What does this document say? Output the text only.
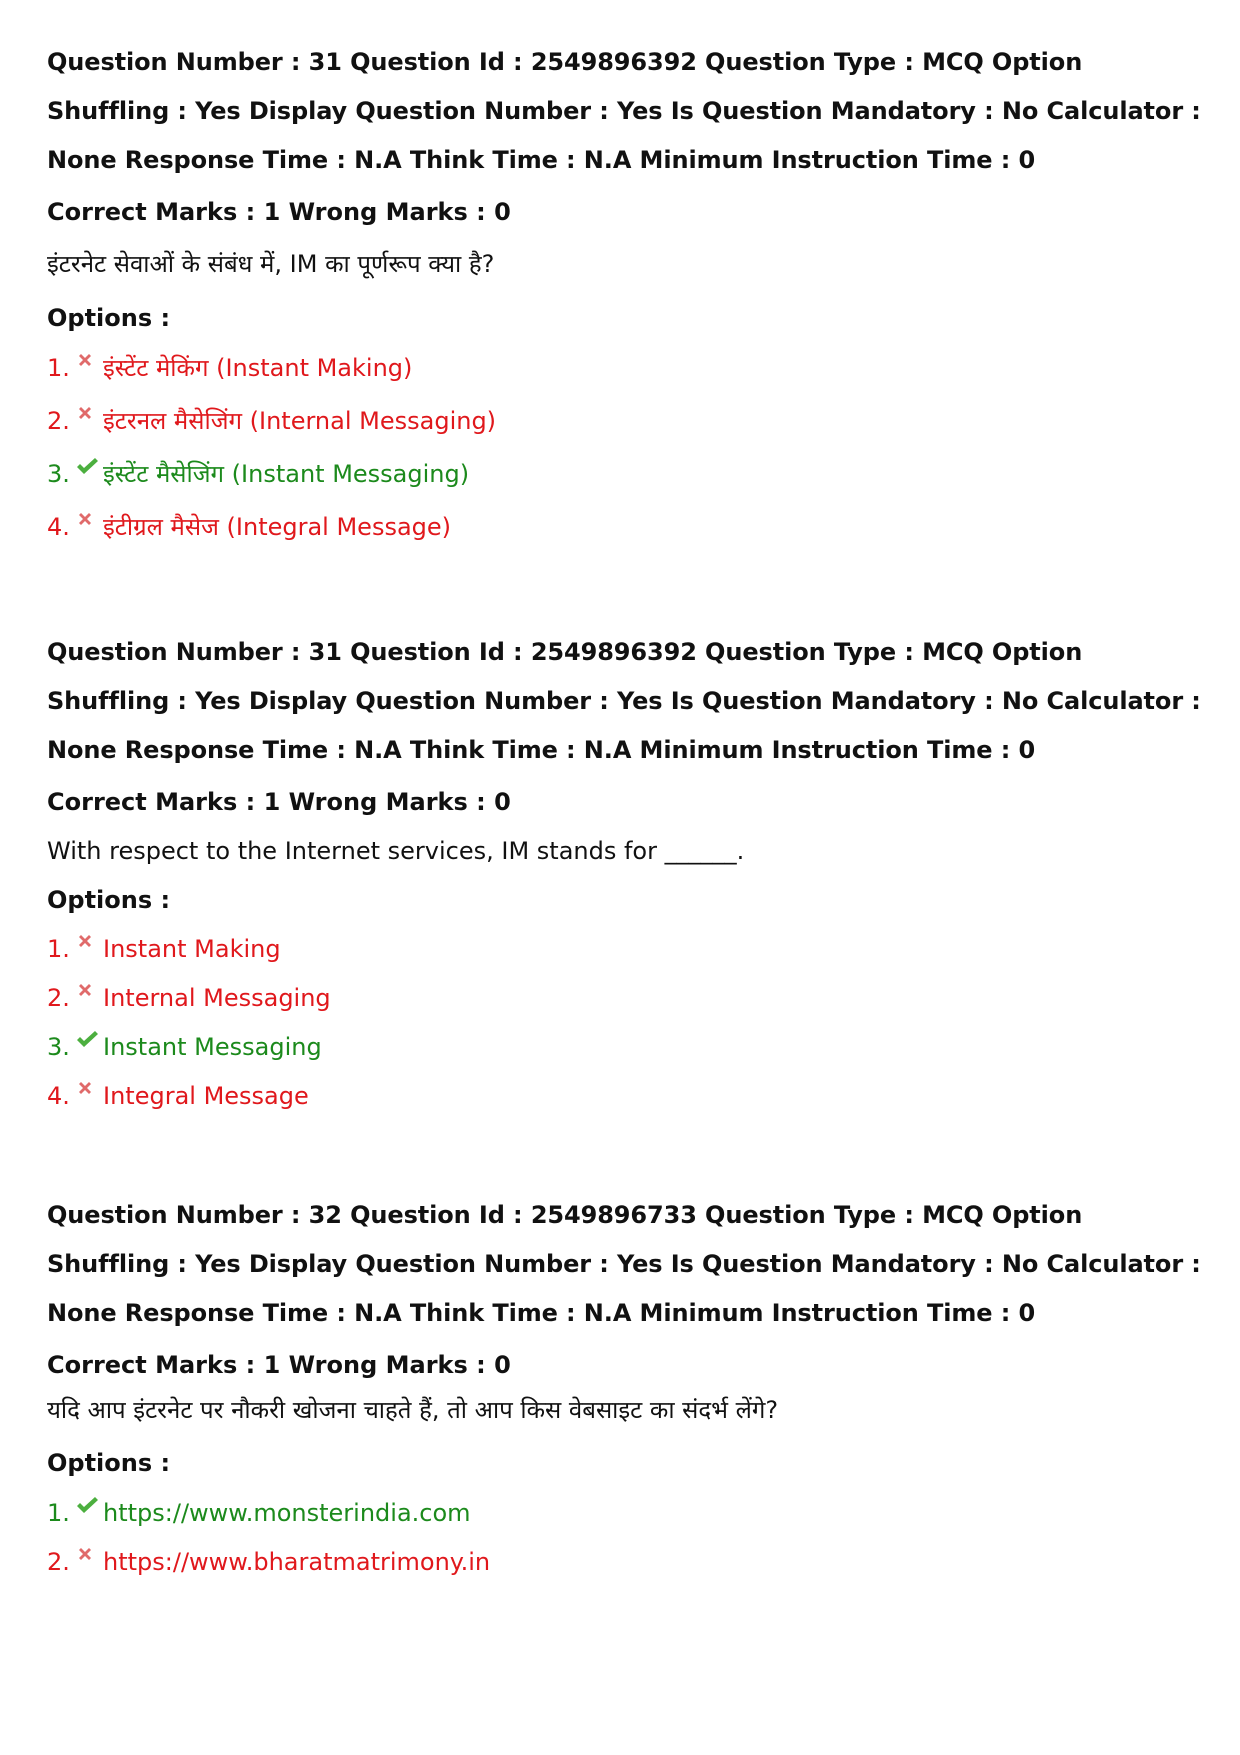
Question Number : 31 Question Id : 2549896392 Question Type : MCQ Option Shuffling : Yes Display Question Number : Yes Is Question Mandatory : No Calculator : None Response Time : N.A Think Time : N.A Minimum Instruction Time : 0
Correct Marks : 1 Wrong Marks : 0
इंटरनेट सेवाओं के संबंध में, IM का पूर्णरूप क्या है?
Options :
1. इंस्टेंट मेकिंग (Instant Making)
2. इंटरनल मैसेजिंग (Internal Messaging)
3. इंस्टेंट मैसेजिंग (Instant Messaging)
4. इंटीग्रल मैसेज (Integral Message)
Question Number : 31 Question Id : 2549896392 Question Type : MCQ Option Shuffling : Yes Display Question Number : Yes Is Question Mandatory : No Calculator : None Response Time : N.A Think Time : N.A Minimum Instruction Time : 0
Correct Marks : 1 Wrong Marks : 0
With respect to the Internet services, IM stands for ______.
Options :
1. Instant Making
2. Internal Messaging
3. Instant Messaging
4. Integral Message
Question Number : 32 Question Id : 2549896733 Question Type : MCQ Option Shuffling : Yes Display Question Number : Yes Is Question Mandatory : No Calculator : None Response Time : N.A Think Time : N.A Minimum Instruction Time : 0
Correct Marks : 1 Wrong Marks : 0
यदि आप इंटरनेट पर नौकरी खोजना चाहते हैं, तो आप किस वेबसाइट का संदर्भ लेंगे?
Options :
1. https://www.monsterindia.com
2. https://www.bharatmatrimony.in
